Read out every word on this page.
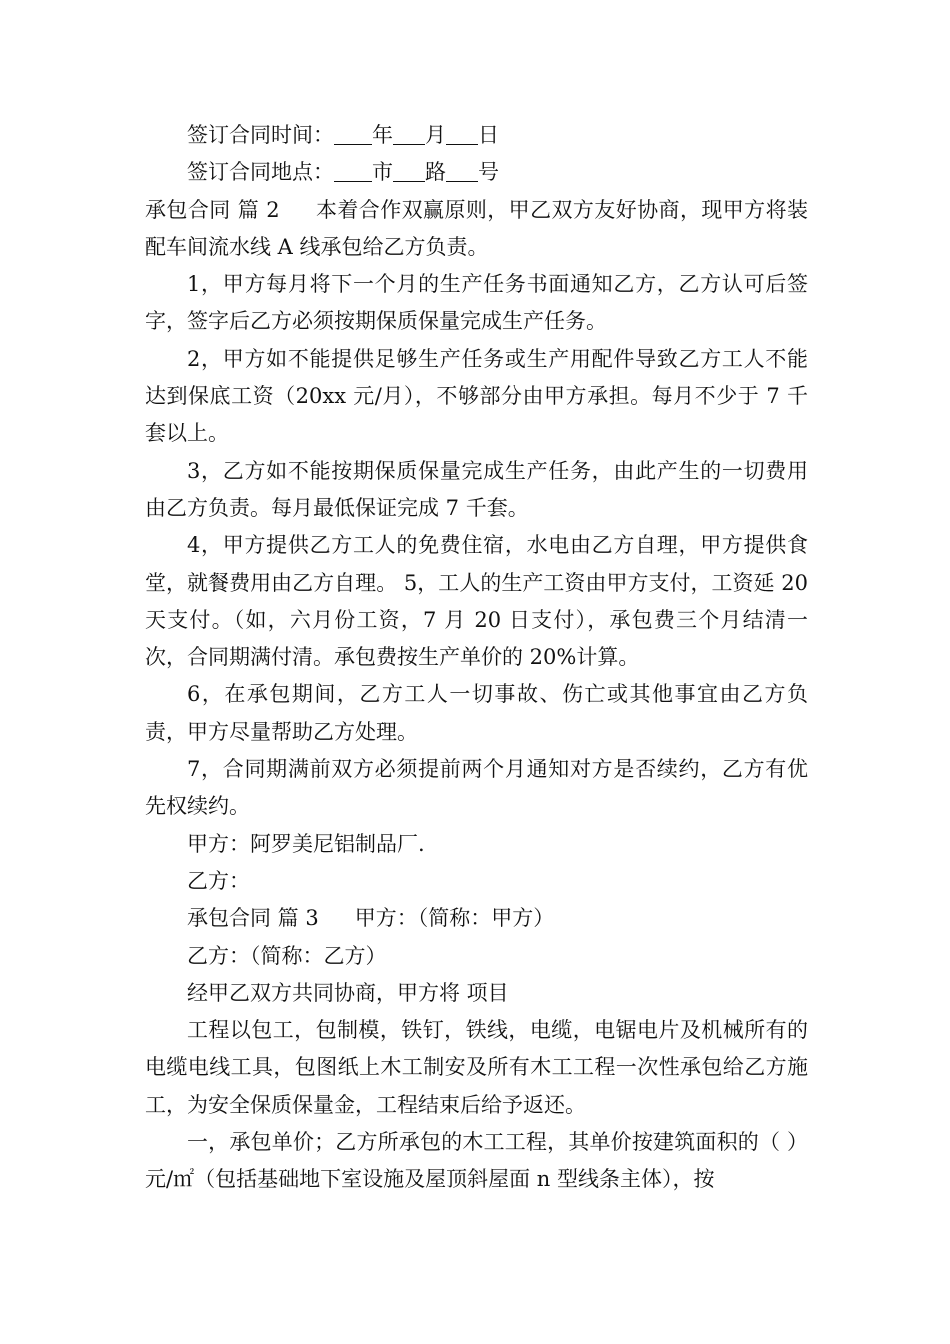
签订合同时间： 年 月 日

签订合同地点： 市 路 号

承包合同 篇 2 本着合作双赢原则，甲乙双方友好协商，现甲方将装配车间流水线 A 线承包给乙方负责。

1，甲方每月将下一个月的生产任务书面通知乙方，乙方认可后签字，签字后乙方必须按期保质保量完成生产任务。

2，甲方如不能提供足够生产任务或生产用配件导致乙方工人不能达到保底工资（20xx 元/月），不够部分由甲方承担。每月不少于 7 千套以上。

3，乙方如不能按期保质保量完成生产任务，由此产生的一切费用由乙方负责。每月最低保证完成 7 千套。

4，甲方提供乙方工人的免费住宿，水电由乙方自理，甲方提供食堂，就餐费用由乙方自理。 5，工人的生产工资由甲方支付，工资延 20 天支付。（如，六月份工资，7 月 20 日支付），承包费三个月结清一次，合同期满付清。承包费按生产单价的 20%计算。

6，在承包期间，乙方工人一切事故、伤亡或其他事宜由乙方负责，甲方尽量帮助乙方处理。

7，合同期满前双方必须提前两个月通知对方是否续约，乙方有优先权续约。

甲方：阿罗美尼铝制品厂.

乙方：

承包合同 篇 3 甲方：（简称：甲方）

乙方：（简称：乙方）

经甲乙双方共同协商，甲方将 项目

工程以包工，包制模，铁钉，铁线，电缆，电锯电片及机械所有的电缆电线工具，包图纸上木工制安及所有木工工程一次性承包给乙方施工，为安全保质保量金，工程结束后给予返还。

一，承包单价；乙方所承包的木工工程，其单价按建筑面积的（ ）元/㎡（包括基础地下室设施及屋顶斜屋面 n 型线条主体），按
